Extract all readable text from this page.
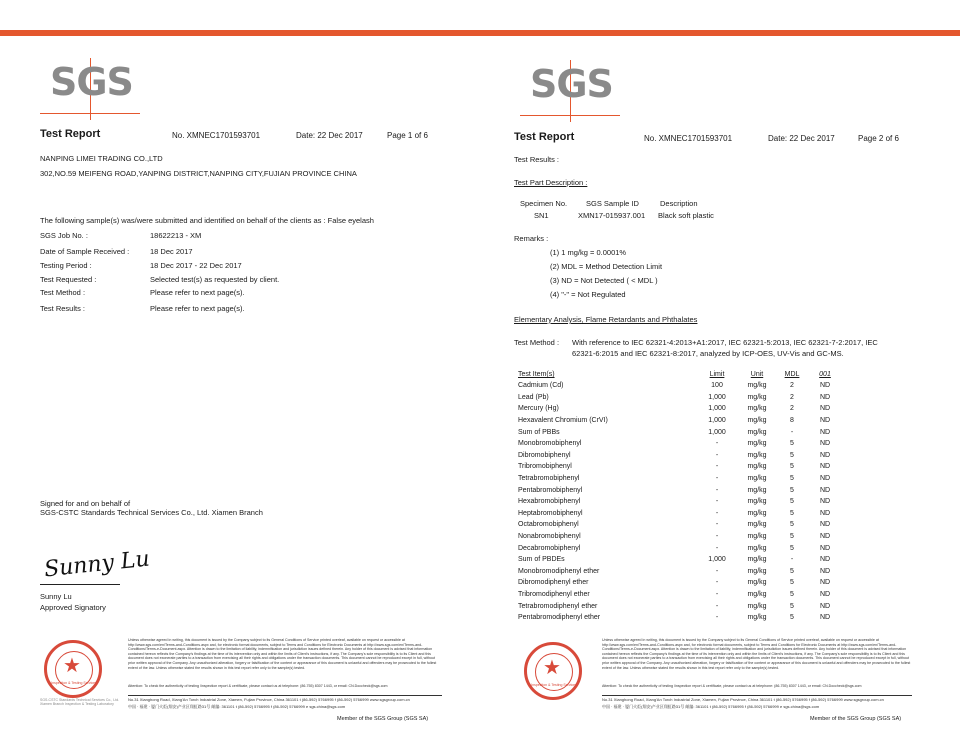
SGS
Test Report	No. XMNEC1701593701	Date: 22 Dec 2017	Page 1 of 6
NANPING LIMEI TRADING CO.,LTD
302,NO.59 MEIFENG ROAD,YANPING DISTRICT,NANPING CITY,FUJIAN PROVINCE CHINA
The following sample(s) was/were submitted and identified on behalf of the clients as : False eyelash
SGS Job No. :	18622213 - XM
Date of Sample Received :	18 Dec 2017
Testing Period :	18 Dec 2017 - 22 Dec 2017
Test Requested :	Selected test(s) as requested by client.
Test Method :	Please refer to next page(s).
Test Results :	Please refer to next page(s).
Signed for and on behalf of
SGS-CSTC Standards Technical Services Co., Ltd. Xiamen Branch
Sunny Lu
Sunny Lu
Approved Signatory
★
Inspection & Testing Services
SGS-CSTC Standards Technical Services Co., Ltd. Xiamen Branch Inspection & Testing Laboratory
Unless otherwise agreed in writing, this document is issued by the Company subject to its General Conditions of Service printed overleaf, available on request or accessible at http://www.sgs.com/en/Terms-and-Conditions.aspx and, for electronic format documents, subject to Terms and Conditions for Electronic Documents at http://www.sgs.com/en/Terms-and-Conditions/Terms-e-Document.aspx. Attention is drawn to the limitation of liability, indemnification and jurisdiction issues defined therein. Any holder of this document is advised that information contained hereon reflects the Company's findings at the time of its intervention only and within the limits of Client's instructions, if any. The Company's sole responsibility is to its Client and this document does not exonerate parties to a transaction from exercising all their rights and obligations under the transaction documents. This document cannot be reproduced except in full, without prior written approval of the Company. Any unauthorized alteration, forgery or falsification of the content or appearance of this document is unlawful and offenders may be prosecuted to the fullest extent of the law. Unless otherwise stated the results shown in this test report refer only to the sample(s) tested.
Attention: To check the authenticity of testing /inspection report & certificate, please contact us at telephone: (86-755) 8307 1443, or email: CN.Doccheck@sgs.com
No.31 Xianghong Road, Xiang'An Torch Industrial Zone, Xiamen, Fujian Province, China 361101 t (86-592) 5766995 f (86-592) 5766999 www.sgsgroup.com.cn
中国 · 福建 · 厦门火炬(翔安)产业区翔虹路31号 邮编: 361101 t (86-592) 5766995 f (86-592) 5766999 e sgs.china@sgs.com
Member of the SGS Group (SGS SA)
SGS
Test Report	No. XMNEC1701593701	Date: 22 Dec 2017	Page 2 of 6
Test Results :
Test Part Description :
Specimen No.	SGS Sample ID	Description
SN1	XMN17-015937.001 Black soft plastic
Remarks :
(1) 1 mg/kg = 0.0001%
(2) MDL = Method Detection Limit
(3) ND = Not Detected ( < MDL )
(4) "-" = Not Regulated
Elementary Analysis, Flame Retardants and Phthalates
Test Method : With reference to IEC 62321-4:2013+A1:2017, IEC 62321-5:2013, IEC 62321-7-2:2017, IEC
62321-6:2015 and IEC 62321-8:2017, analyzed by ICP-OES, UV-Vis and GC-MS.
Test Item(s)	Limit	Unit	MDL	001
Cadmium (Cd)	100	mg/kg	2	ND
Lead (Pb)	1,000	mg/kg	2	ND
Mercury (Hg)	1,000	mg/kg	2	ND
Hexavalent Chromium (CrVI)	1,000	mg/kg	8	ND
Sum of PBBs	1,000	mg/kg	-	ND
Monobromobiphenyl	-	mg/kg	5	ND
Dibromobiphenyl	-	mg/kg	5	ND
Tribromobiphenyl	-	mg/kg	5	ND
Tetrabromobiphenyl	-	mg/kg	5	ND
Pentabromobiphenyl	-	mg/kg	5	ND
Hexabromobiphenyl	-	mg/kg	5	ND
Heptabromobiphenyl	-	mg/kg	5	ND
Octabromobiphenyl	-	mg/kg	5	ND
Nonabromobiphenyl	-	mg/kg	5	ND
Decabromobiphenyl	-	mg/kg	5	ND
Sum of PBDEs	1,000	mg/kg	-	ND
Monobromodiphenyl ether	-	mg/kg	5	ND
Dibromodiphenyl ether	-	mg/kg	5	ND
Tribromodiphenyl ether	-	mg/kg	5	ND
Tetrabromodiphenyl ether	-	mg/kg	5	ND
Pentabromodiphenyl ether	-	mg/kg	5	ND
★
Inspection & Testing Services
Unless otherwise agreed in writing, this document is issued by the Company subject to its General Conditions of Service printed overleaf, available on request or accessible at http://www.sgs.com/en/Terms-and-Conditions.aspx and, for electronic format documents, subject to Terms and Conditions for Electronic Documents at http://www.sgs.com/en/Terms-and-Conditions/Terms-e-Document.aspx. Attention is drawn to the limitation of liability, indemnification and jurisdiction issues defined therein. Any holder of this document is advised that information contained hereon reflects the Company's findings at the time of its intervention only and within the limits of Client's instructions, if any. The Company's sole responsibility is to its Client and this document does not exonerate parties to a transaction from exercising all their rights and obligations under the transaction documents. This document cannot be reproduced except in full, without prior written approval of the Company. Any unauthorized alteration, forgery or falsification of the content or appearance of this document is unlawful and offenders may be prosecuted to the fullest extent of the law. Unless otherwise stated the results shown in this test report refer only to the sample(s) tested.
Attention: To check the authenticity of testing /inspection report & certificate, please contact us at telephone: (86-755) 8307 1443, or email: CN.Doccheck@sgs.com
No.31 Xianghong Road, Xiang'An Torch Industrial Zone, Xiamen, Fujian Province, China 361101 t (86-592) 5766995 f (86-592) 5766999 www.sgsgroup.com.cn
中国 · 福建 · 厦门火炬(翔安)产业区翔虹路31号 邮编: 361101 t (86-592) 5766995 f (86-592) 5766999 e sgs.china@sgs.com
Member of the SGS Group (SGS SA)
